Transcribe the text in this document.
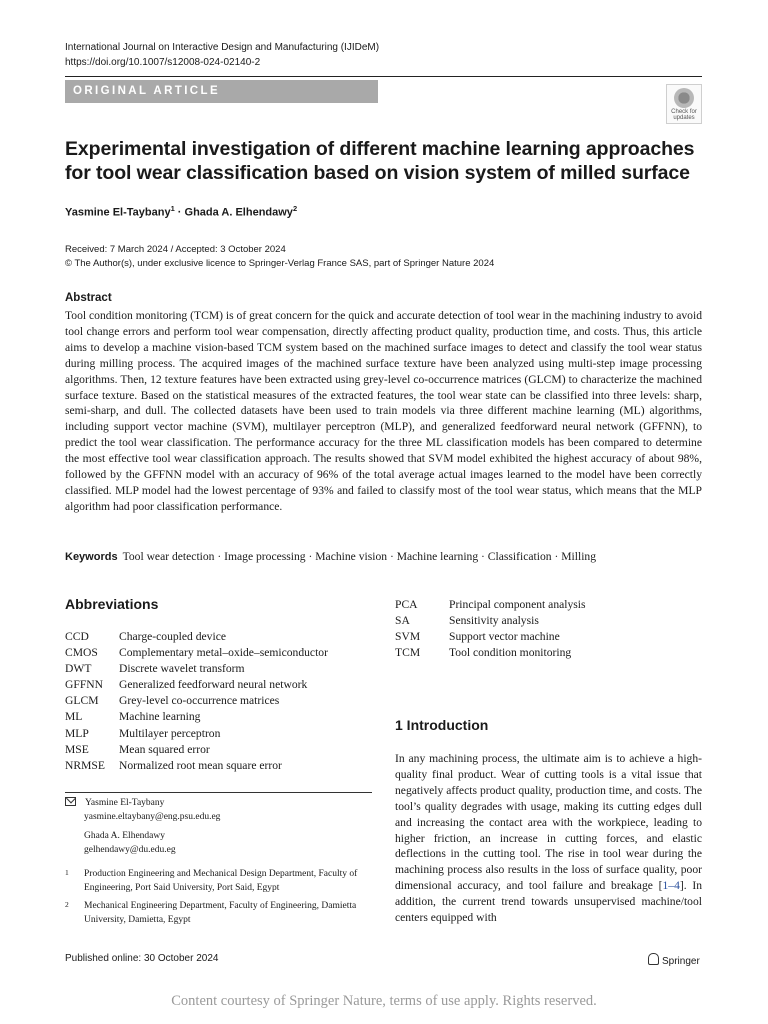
International Journal on Interactive Design and Manufacturing (IJIDeM)
https://doi.org/10.1007/s12008-024-02140-2
ORIGINAL ARTICLE
Check for updates
Experimental investigation of different machine learning approaches for tool wear classification based on vision system of milled surface
Yasmine El-Taybany$^1$ · Ghada A. Elhendawy$^2$
Received: 7 March 2024 / Accepted: 3 October 2024
© The Author(s), under exclusive licence to Springer-Verlag France SAS, part of Springer Nature 2024
Abstract
Tool condition monitoring (TCM) is of great concern for the quick and accurate detection of tool wear in the machining industry to avoid tool change errors and perform tool wear compensation, directly affecting product quality, production time, and costs. Thus, this article aims to develop a machine vision-based TCM system based on the machined surface images to detect and classify the tool wear status during milling process. The acquired images of the machined surface texture have been analyzed using multi-step image processing algorithms. Then, 12 texture features have been extracted using grey-level co-occurrence matrices (GLCM) to characterize the machined surface texture. Based on the statistical measures of the extracted features, the tool wear state can be classified into three levels: sharp, semi-sharp, and dull. The collected datasets have been used to train models via three different machine learning (ML) algorithms, including support vector machine (SVM), multilayer perceptron (MLP), and generalized feedforward neural network (GFFNN), to predict the tool wear classification. The performance accuracy for the three ML classification models has been compared to determine the most effective tool wear classification approach. The results showed that SVM model exhibited the highest accuracy of about 98%, followed by the GFFNN model with an accuracy of 96% of the total average actual images learned to the model have been correctly classified. MLP model had the lowest percentage of 93% and failed to classify most of the tool wear status, which means that the MLP algorithm had poor classification performance.
Keywords Tool wear detection · Image processing · Machine vision · Machine learning · Classification · Milling
Abbreviations
CCD	Charge-coupled device
CMOS	Complementary metal–oxide–semiconductor
DWT	Discrete wavelet transform
GFFNN	Generalized feedforward neural network
GLCM	Grey-level co-occurrence matrices
ML	Machine learning
MLP	Multilayer perceptron
MSE	Mean squared error
NRMSE	Normalized root mean square error
PCA	Principal component analysis
SA	Sensitivity analysis
SVM	Support vector machine
TCM	Tool condition monitoring
Yasmine El-Taybany
yasmine.eltaybany@eng.psu.edu.eg
Ghada A. Elhendawy
gelhendawy@du.edu.eg
1	Production Engineering and Mechanical Design Department, Faculty of Engineering, Port Said University, Port Said, Egypt
2	Mechanical Engineering Department, Faculty of Engineering, Damietta University, Damietta, Egypt
1 Introduction
In any machining process, the ultimate aim is to achieve a high-quality final product. Wear of cutting tools is a vital issue that negatively affects product quality, production time, and costs. The tool’s quality degrades with usage, making its cutting edges dull and increasing the contact area with the workpiece, leading to higher friction, an increase in cutting forces, and elastic deflections in the cutting tool. The rise in tool wear during the machining process also results in the loss of surface quality, poor dimensional accuracy, and tool failure and breakage [1–4]. In addition, the current trend towards unsupervised machine/tool centers equipped with
Published online: 30 October 2024	Springer
Content courtesy of Springer Nature, terms of use apply. Rights reserved.
